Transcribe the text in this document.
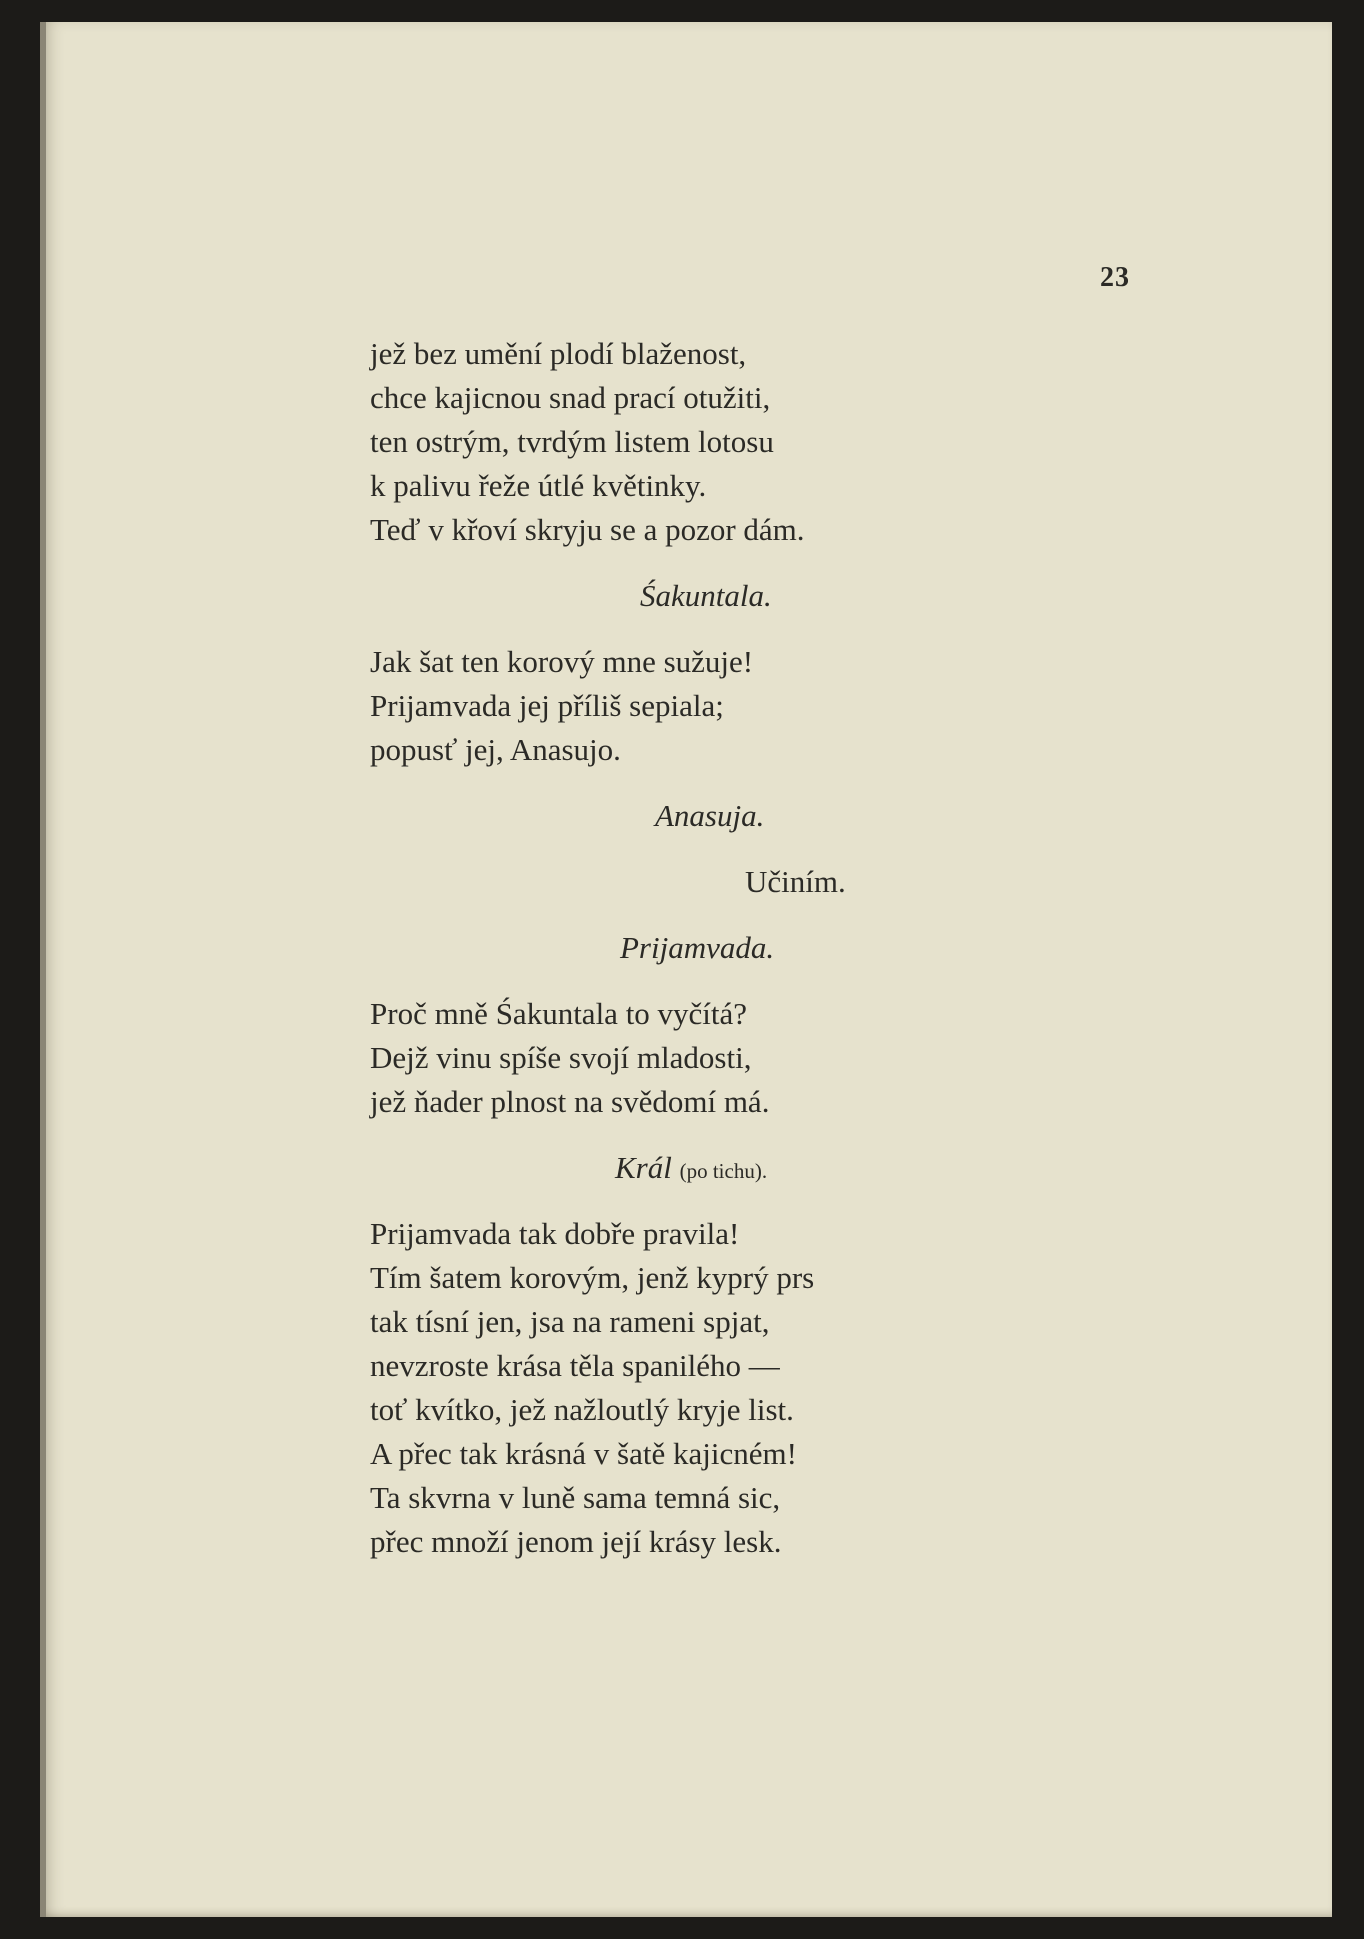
23
jež bez umění plodí blaženost,
chce kajicnou snad prací otužiti,
ten ostrým, tvrdým listem lotosu
k palivu řeže útlé květinky.
Teď v křoví skryju se a pozor dám.
Śakuntala.
Jak šat ten korový mne sužuje!
Prijamvada jej příliš sepiala;
popusť jej, Anasujo.
Anasuja.
Učiním.
Prijamvada.
Proč mně Śakuntala to vyčítá?
Dejž vinu spíše svojí mladosti,
jež ňader plnost na svědomí má.
Král (po tichu).
Prijamvada tak dobře pravila!
Tím šatem korovým, jenž kyprý prs
tak tísní jen, jsa na rameni spjat,
nevzroste krása těla spanilého —
toť kvítko, jež nažloutlý kryje list.
A přec tak krásná v šatě kajicném!
Ta skvrna v luně sama temná sic,
přec množí jenom její krásy lesk.
